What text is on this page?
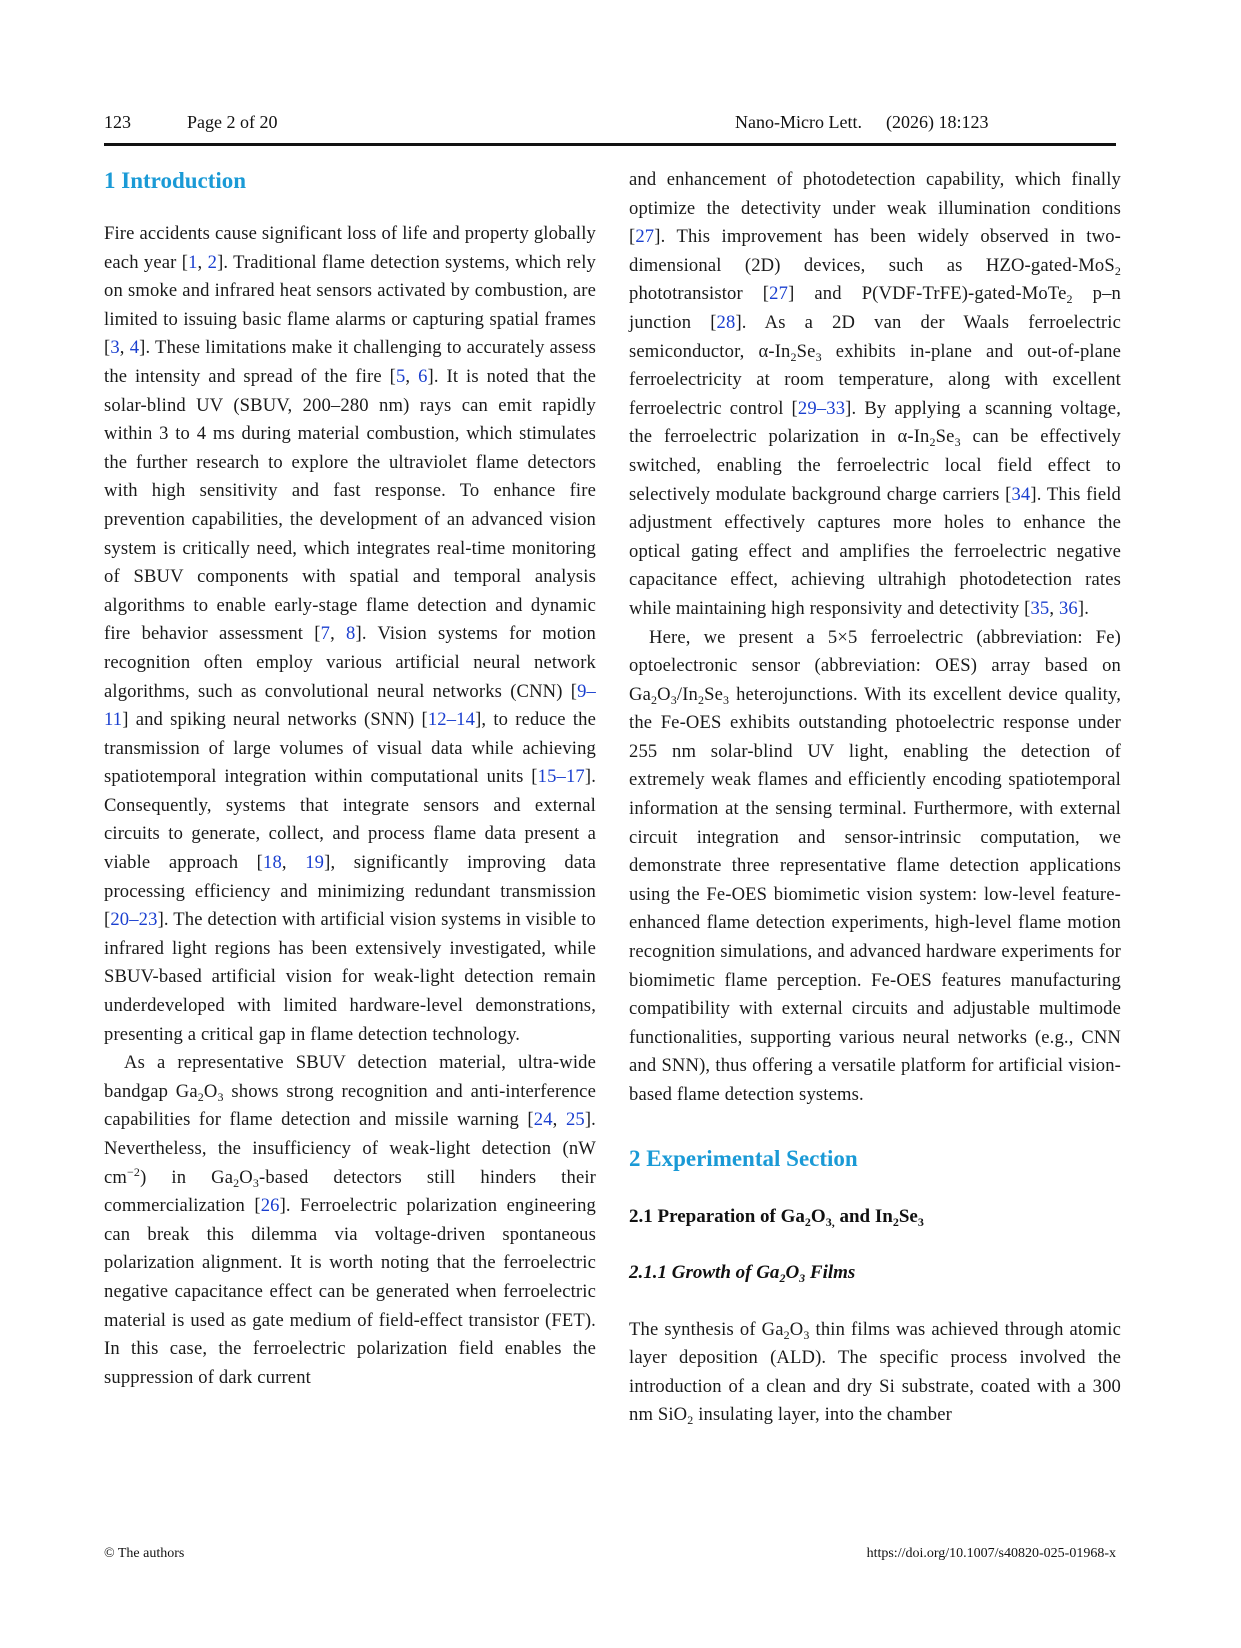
123	Page 2 of 20	Nano-Micro Lett. (2026) 18:123
1 Introduction

Fire accidents cause significant loss of life and property globally each year [1, 2]. Traditional flame detection systems, which rely on smoke and infrared heat sensors activated by combustion, are limited to issuing basic flame alarms or capturing spatial frames [3, 4]. These limitations make it challenging to accurately assess the intensity and spread of the fire [5, 6]. It is noted that the solar-blind UV (SBUV, 200–280 nm) rays can emit rapidly within 3 to 4 ms during material combustion, which stimulates the further research to explore the ultraviolet flame detectors with high sensitivity and fast response. To enhance fire prevention capabilities, the development of an advanced vision system is critically need, which integrates real-time monitoring of SBUV components with spatial and temporal analysis algorithms to enable early-stage flame detection and dynamic fire behavior assessment [7, 8]. Vision systems for motion recognition often employ various artificial neural network algorithms, such as convolutional neural networks (CNN) [9–11] and spiking neural networks (SNN) [12–14], to reduce the transmission of large volumes of visual data while achieving spatiotemporal integration within computational units [15–17]. Consequently, systems that integrate sensors and external circuits to generate, collect, and process flame data present a viable approach [18, 19], significantly improving data processing efficiency and minimizing redundant transmission [20–23]. The detection with artificial vision systems in visible to infrared light regions has been extensively investigated, while SBUV-based artificial vision for weak-light detection remain underdeveloped with limited hardware-level demonstrations, presenting a critical gap in flame detection technology.

As a representative SBUV detection material, ultra-wide bandgap $Ga_2O_3$ shows strong recognition and anti-interference capabilities for flame detection and missile warning [24, 25]. Nevertheless, the insufficiency of weak-light detection (nW $cm^{-2}$) in $Ga_2O_3$-based detectors still hinders their commercialization [26]. Ferroelectric polarization engineering can break this dilemma via voltage-driven spontaneous polarization alignment. It is worth noting that the ferroelectric negative capacitance effect can be generated when ferroelectric material is used as gate medium of field-effect transistor (FET). In this case, the ferroelectric polarization field enables the suppression of dark current

and enhancement of photodetection capability, which finally optimize the detectivity under weak illumination conditions [27]. This improvement has been widely observed in two-dimensional (2D) devices, such as HZO-gated-MoS$_2$ phototransistor [27] and P(VDF-TrFE)-gated-MoTe$_2$ p–n junction [28]. As a 2D van der Waals ferroelectric semiconductor, $\alpha-In_2Se_3$ exhibits in-plane and out-of-plane ferroelectricity at room temperature, along with excellent ferroelectric control [29–33]. By applying a scanning voltage, the ferroelectric polarization in $\alpha-In_2Se_3$ can be effectively switched, enabling the ferroelectric local field effect to selectively modulate background charge carriers [34]. This field adjustment effectively captures more holes to enhance the optical gating effect and amplifies the ferroelectric negative capacitance effect, achieving ultrahigh photodetection rates while maintaining high responsivity and detectivity [35, 36].

Here, we present a 5×5 ferroelectric (abbreviation: Fe) optoelectronic sensor (abbreviation: OES) array based on $Ga_2O_3/In_2Se_3$ heterojunctions. With its excellent device quality, the Fe-OES exhibits outstanding photoelectric response under 255 nm solar-blind UV light, enabling the detection of extremely weak flames and efficiently encoding spatiotemporal information at the sensing terminal. Furthermore, with external circuit integration and sensor-intrinsic computation, we demonstrate three representative flame detection applications using the Fe-OES biomimetic vision system: low-level feature-enhanced flame detection experiments, high-level flame motion recognition simulations, and advanced hardware experiments for biomimetic flame perception. Fe-OES features manufacturing compatibility with external circuits and adjustable multimode functionalities, supporting various neural networks (e.g., CNN and SNN), thus offering a versatile platform for artificial vision-based flame detection systems.

2 Experimental Section
2.1 Preparation of $Ga_2O_{3,}$ and $In_2Se_3$
2.1.1 Growth of $Ga_2O_3$ Films

The synthesis of $Ga_2O_3$ thin films was achieved through atomic layer deposition (ALD). The specific process involved the introduction of a clean and dry Si substrate, coated with a 300 nm SiO$_2$ insulating layer, into the chamber

© The authors	https://doi.org/10.1007/s40820-025-01968-x
